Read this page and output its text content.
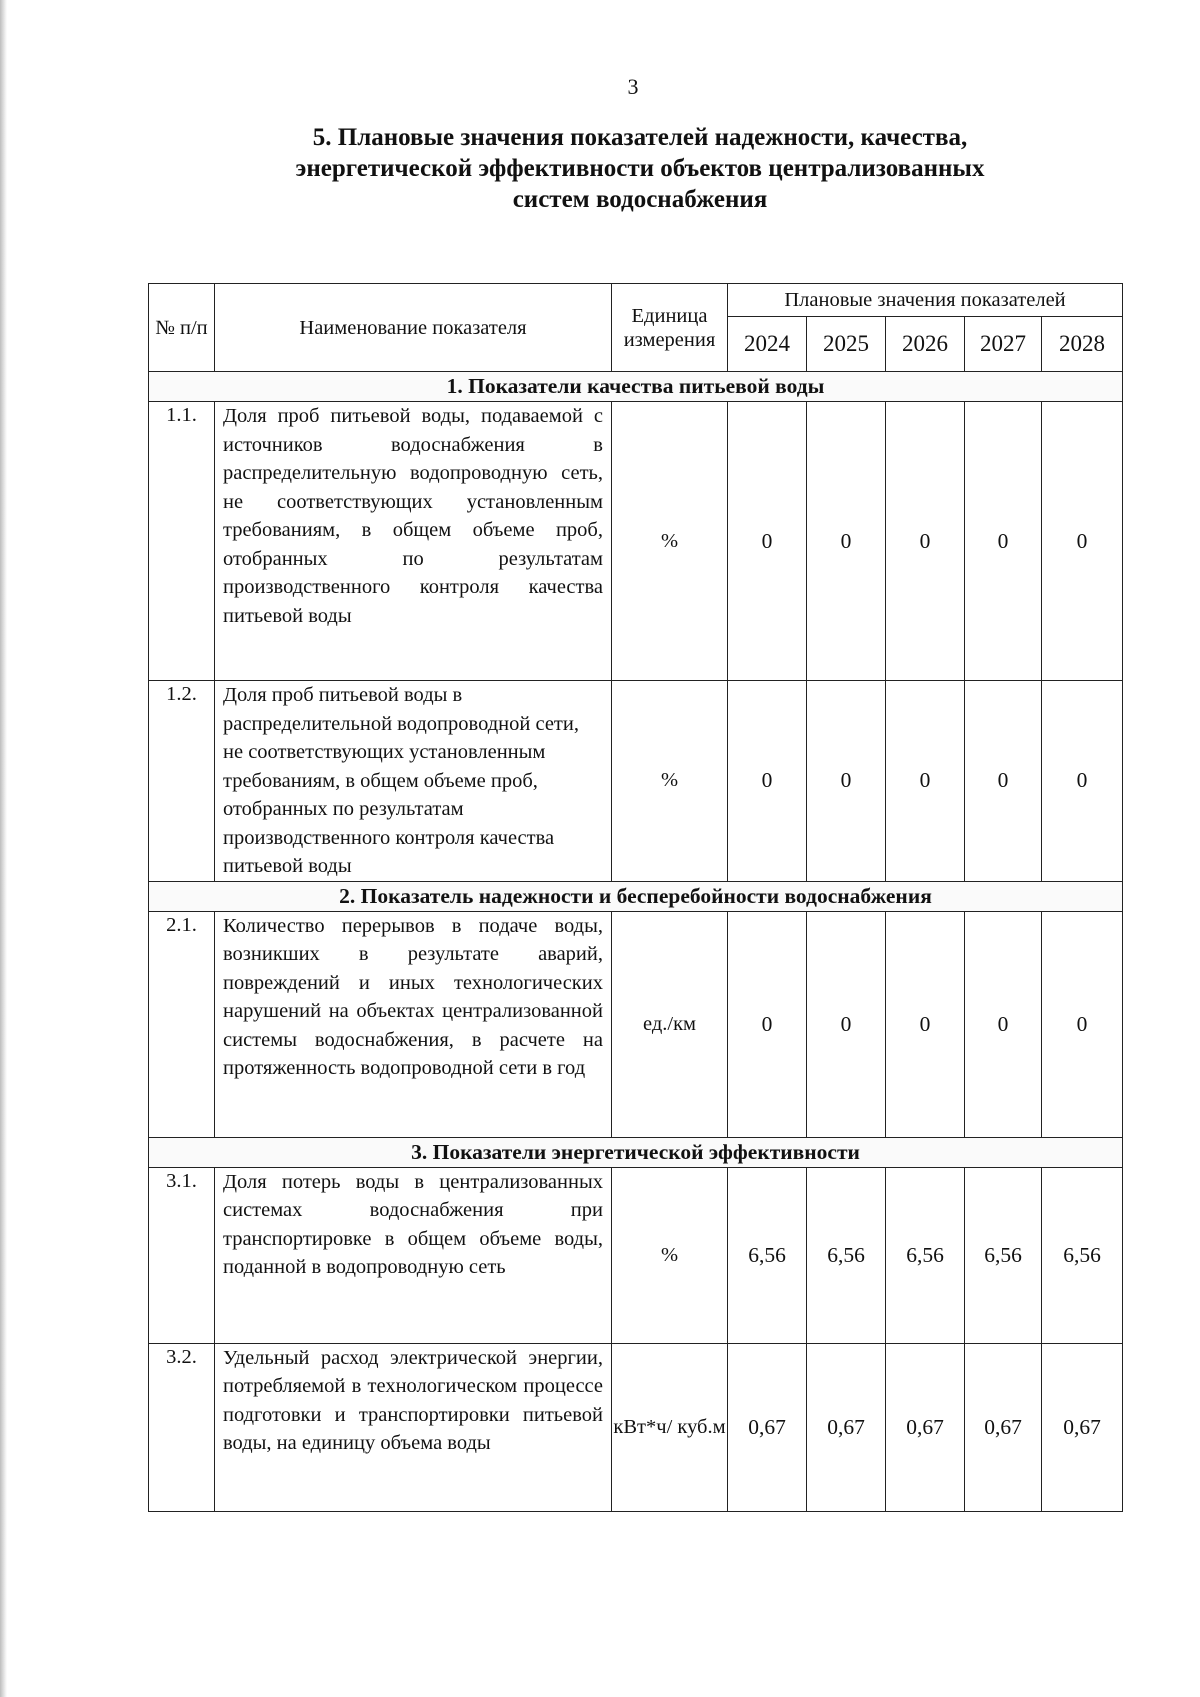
3
5. Плановые значения показателей надежности, качества,
энергетической эффективности объектов централизованных
систем водоснабжения
№ п/п	Наименование показателя	Единица измерения	Плановые значения показателей				
			2024	2025	2026	2027	2028
1. Показатели качества питьевой воды							
1.1.	Доля проб питьевой воды, подаваемой с источников водоснабжения в распределительную водопроводную сеть, не соответствующих установленным требованиям, в общем объеме проб, отобранных по результатам производственного контроля качества питьевой воды	%	0	0	0	0	0
1.2.	Доля проб питьевой воды в распределительной водопроводной сети, не соответствующих установленным требованиям, в общем объеме проб, отобранных по результатам производственного контроля качества питьевой воды	%	0	0	0	0	0
2. Показатель надежности и бесперебойности водоснабжения							
2.1.	Количество перерывов в подаче воды, возникших в результате аварий, повреждений и иных технологических нарушений на объектах централизованной системы водоснабжения, в расчете на протяженность водопроводной сети в год	ед./км	0	0	0	0	0
3. Показатели энергетической эффективности							
3.1.	Доля потерь воды в централизованных системах водоснабжения при транспортировке в общем объеме воды, поданной в водопроводную сеть	%	6,56	6,56	6,56	6,56	6,56
3.2.	Удельный расход электрической энергии, потребляемой в технологическом процессе подготовки и транспортировки питьевой воды, на единицу объема воды	кВт*ч/ куб.м	0,67	0,67	0,67	0,67	0,67
